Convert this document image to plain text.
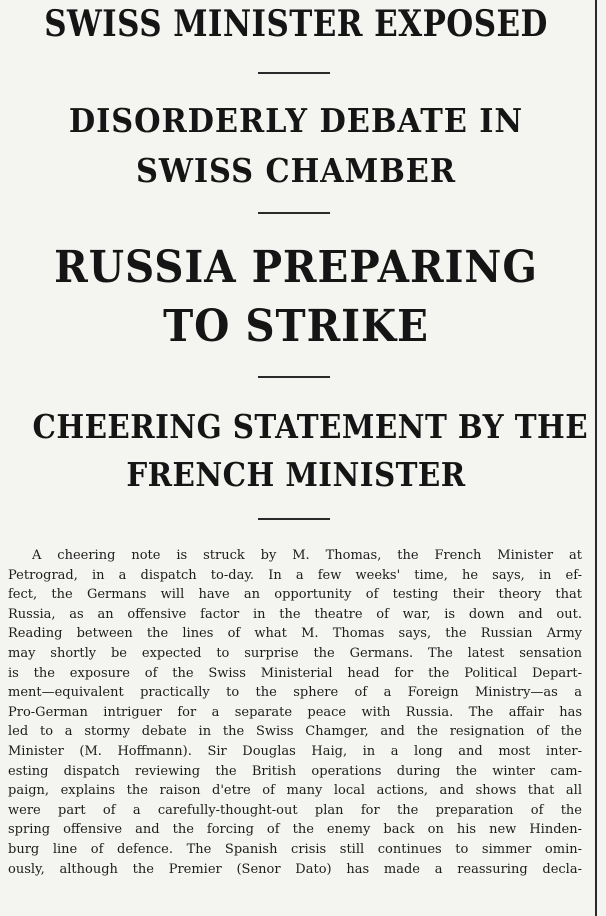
SWISS MINISTER EXPOSED
DISORDERLY DEBATE IN
SWISS CHAMBER
RUSSIA PREPARING
TO STRIKE
CHEERING STATEMENT BY THE
FRENCH MINISTER
A cheering note is struck by M. Thomas, the French Minister at
Petrograd, in a dispatch to-day. In a few weeks' time, he says, in ef-
fect, the Germans will have an opportunity of testing their theory that
Russia, as an offensive factor in the theatre of war, is down and out.
Reading between the lines of what M. Thomas says, the Russian Army
may shortly be expected to surprise the Germans. The latest sensation
is the exposure of the Swiss Ministerial head for the Political Depart-
ment—equivalent practically to the sphere of a Foreign Ministry—as a
Pro-German intriguer for a separate peace with Russia. The affair has
led to a stormy debate in the Swiss Chamger, and the resignation of the
Minister (M. Hoffmann). Sir Douglas Haig, in a long and most inter-
esting dispatch reviewing the British operations during the winter cam-
paign, explains the raison d'etre of many local actions, and shows that all
were part of a carefully-thought-out plan for the preparation of the
spring offensive and the forcing of the enemy back on his new Hinden-
burg line of defence. The Spanish crisis still continues to simmer omin-
ously, although the Premier (Senor Dato) has made a reassuring decla-
